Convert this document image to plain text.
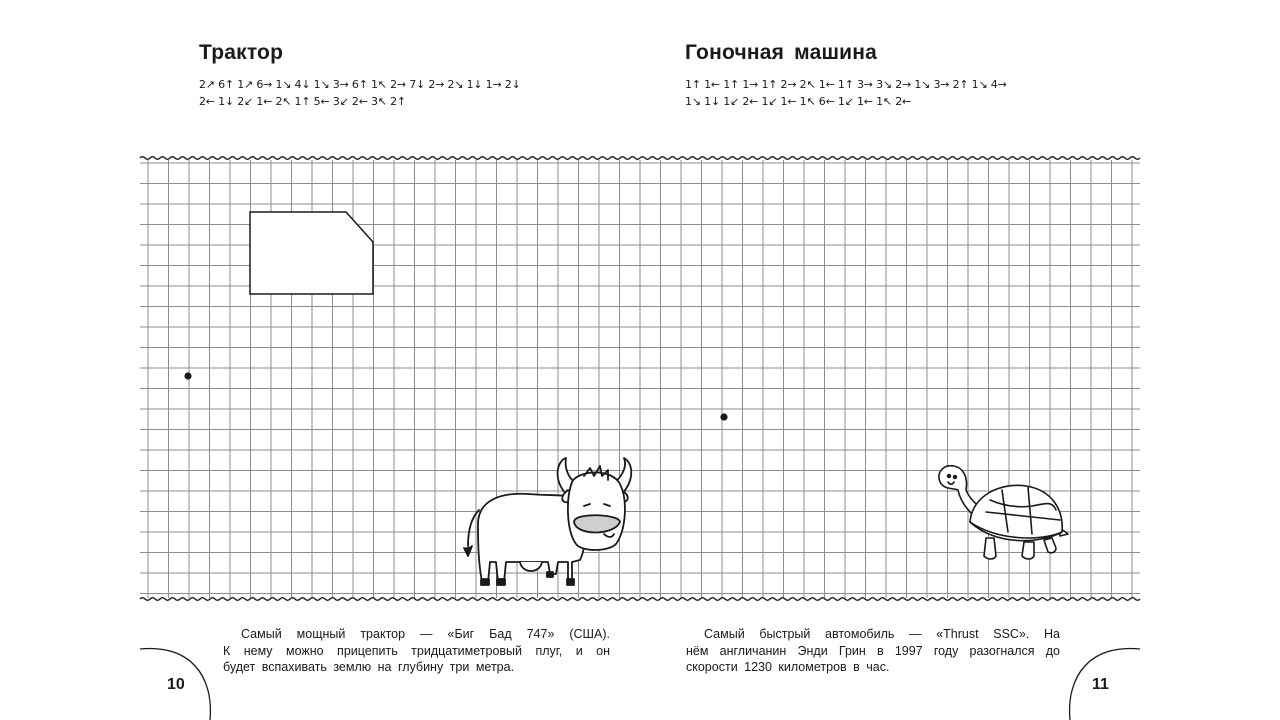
Трактор	Гоночная машина
2↗ 6↑ 1↗ 6→ 1↘ 4↓ 1↘ 3→ 6↑ 1↖ 2→ 7↓ 2→ 2↘ 1↓ 1→ 2↓
2← 1↓ 2↙ 1← 2↖ 1↑ 5← 3↙ 2← 3↖ 2↑
1↑ 1← 1↑ 1→ 1↑ 2→ 2↖ 1← 1↑ 3→ 3↘ 2→ 1↘ 3→ 2↑ 1↘ 4→
1↘ 1↓ 1↙ 2← 1↙ 1← 1↖ 6← 1↙ 1← 1↖ 2←

Самый мощный трактор — «Биг Бад 747» (США).

К нему можно прицепить тридцатиметровый плуг, и он

будет вспахивать землю на глубину три метра.

Самый быстрый автомобиль — «Thrust SSC». На

нём англичанин Энди Грин в 1997 году разогнался до

скорости 1230 километров в час.

10	11
